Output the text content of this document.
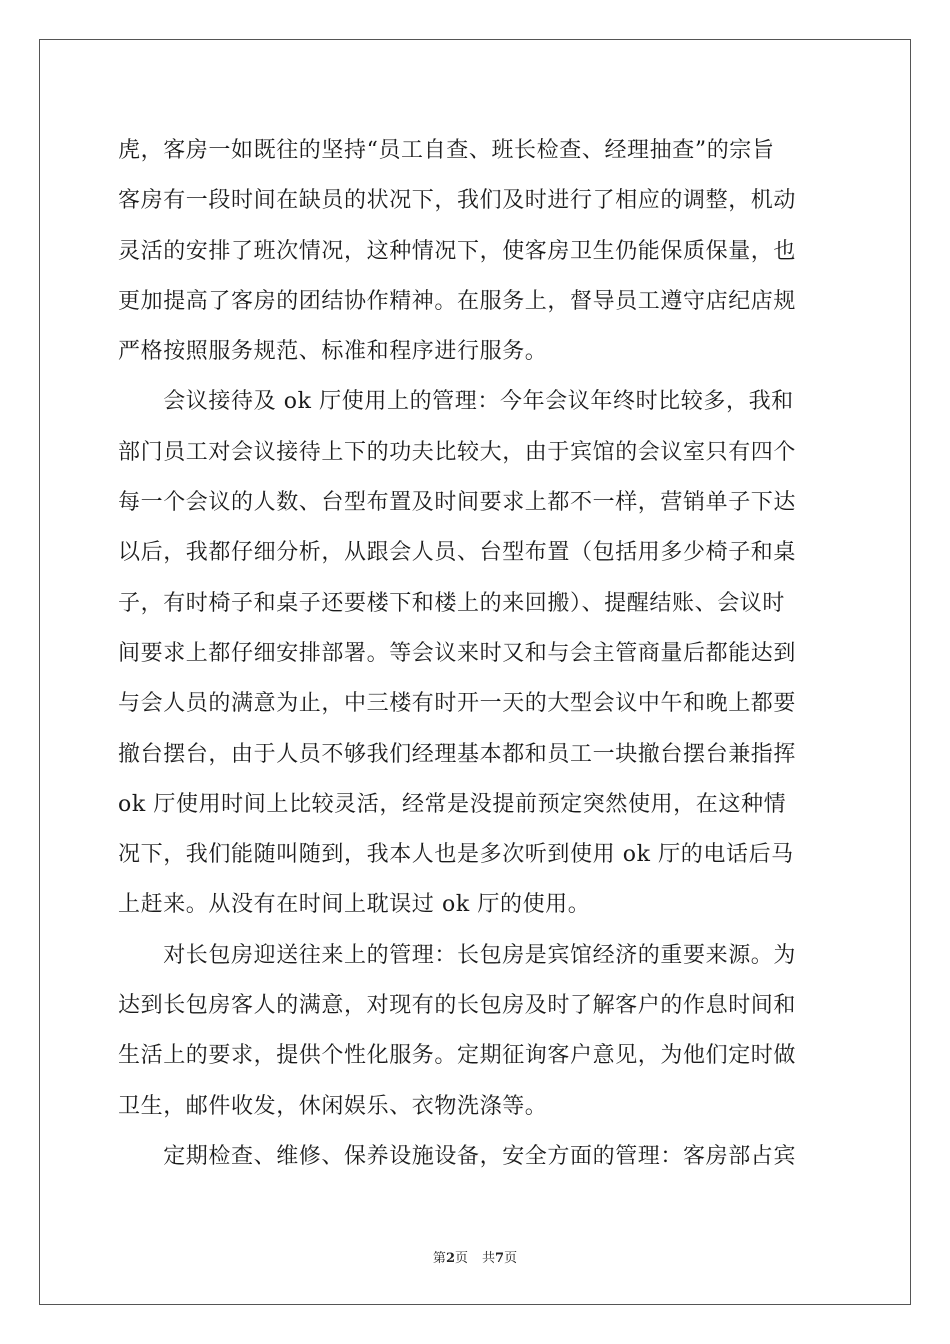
虎，客房一如既往的坚持“员工自查、班长检查、经理抽查”的宗旨
客房有一段时间在缺员的状况下，我们及时进行了相应的调整，机动
灵活的安排了班次情况，这种情况下，使客房卫生仍能保质保量，也
更加提高了客房的团结协作精神。在服务上，督导员工遵守店纪店规
严格按照服务规范、标准和程序进行服务。
　　会议接待及 ok 厅使用上的管理：今年会议年终时比较多，我和
部门员工对会议接待上下的功夫比较大，由于宾馆的会议室只有四个
每一个会议的人数、台型布置及时间要求上都不一样，营销单子下达
以后，我都仔细分析，从跟会人员、台型布置（包括用多少椅子和桌
子，有时椅子和桌子还要楼下和楼上的来回搬）、提醒结账、会议时
间要求上都仔细安排部署。等会议来时又和与会主管商量后都能达到
与会人员的满意为止，中三楼有时开一天的大型会议中午和晚上都要
撤台摆台，由于人员不够我们经理基本都和员工一块撤台摆台兼指挥
ok 厅使用时间上比较灵活，经常是没提前预定突然使用，在这种情
况下，我们能随叫随到，我本人也是多次听到使用 ok 厅的电话后马
上赶来。从没有在时间上耽误过 ok 厅的使用。
　　对长包房迎送往来上的管理：长包房是宾馆经济的重要来源。为
达到长包房客人的满意，对现有的长包房及时了解客户的作息时间和
生活上的要求，提供个性化服务。定期征询客户意见，为他们定时做
卫生，邮件收发，休闲娱乐、衣物洗涤等。
　　定期检查、维修、保养设施设备，安全方面的管理：客房部占宾
第2页 共7页
